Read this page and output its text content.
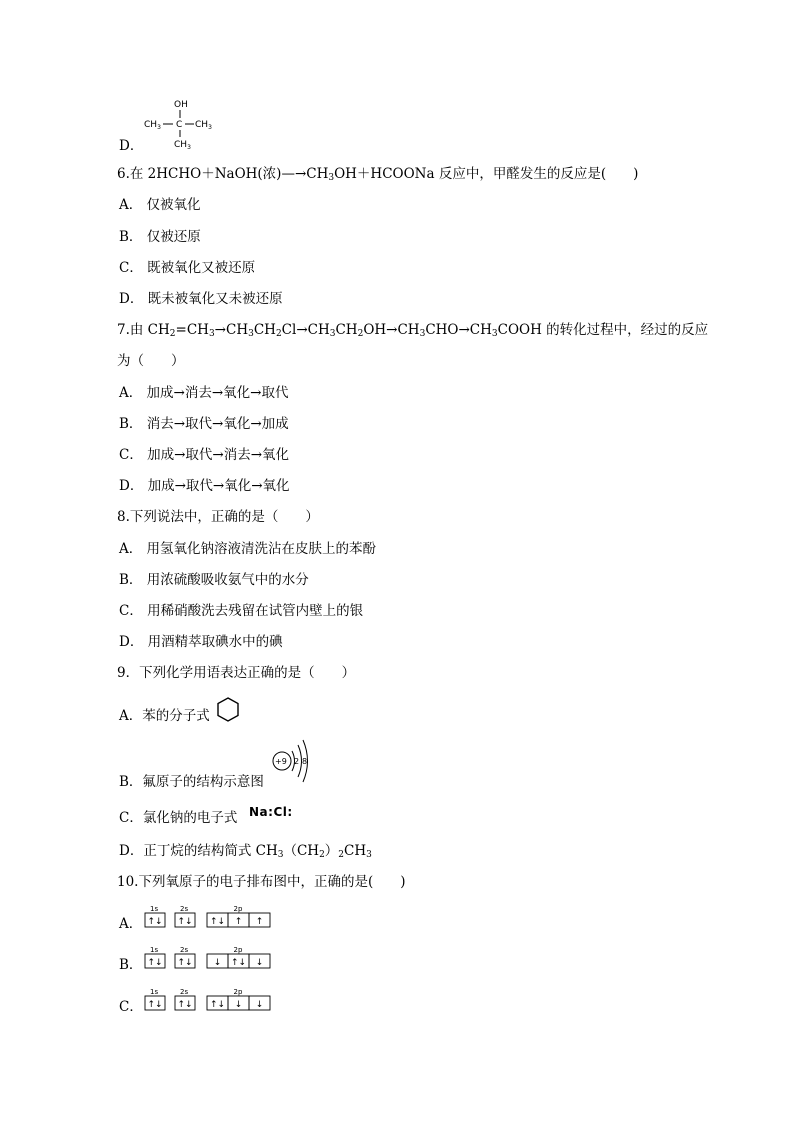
OH
$CH_3$ C $CH_3$
$CH_3$
D．
6.在 2HCHO＋NaOH(浓)$—\to CH_3OH+HCOONa$ 反应中，甲醛发生的反应是(　　)
A． 仅被氧化
B． 仅被还原
C． 既被氧化又被还原
D． 既未被氧化又未被还原
7.由 $CH_2=CH_3\to CH_3CH_2Cl\to CH_3CH_2OH\to CH_3CHO\to CH_3COOH$ 的转化过程中，经过的反应
为（　　）
A． 加成→消去→氧化→取代
B． 消去→取代→氧化→加成
C． 加成→取代→消去→氧化
D． 加成→取代→氧化→氧化
8.下列说法中，正确的是（　　）
A． 用氢氧化钠溶液清洗沾在皮肤上的苯酚
B． 用浓硫酸吸收氨气中的水分
C． 用稀硝酸洗去残留在试管内壁上的银
D． 用酒精萃取碘水中的碘
9．下列化学用语表达正确的是（　　）
A．苯的分子式
B．氟原子的结构示意图
+9 2 8
C．氯化钠的电子式 Na:Cl:
D．正丁烷的结构简式 $CH_3(CH_2)_2CH_3$
10.下列氧原子的电子排布图中，正确的是(　　)
A．
1s
↑↓
2s
↑↓
2p
↑↓ ↑ ↑
B．
1s
↑↓
2s
↑↓
2p
↓ ↑↓ ↓
C．
1s
↑↓
2s
↑↓
2p
↑↓ ↓ ↓
